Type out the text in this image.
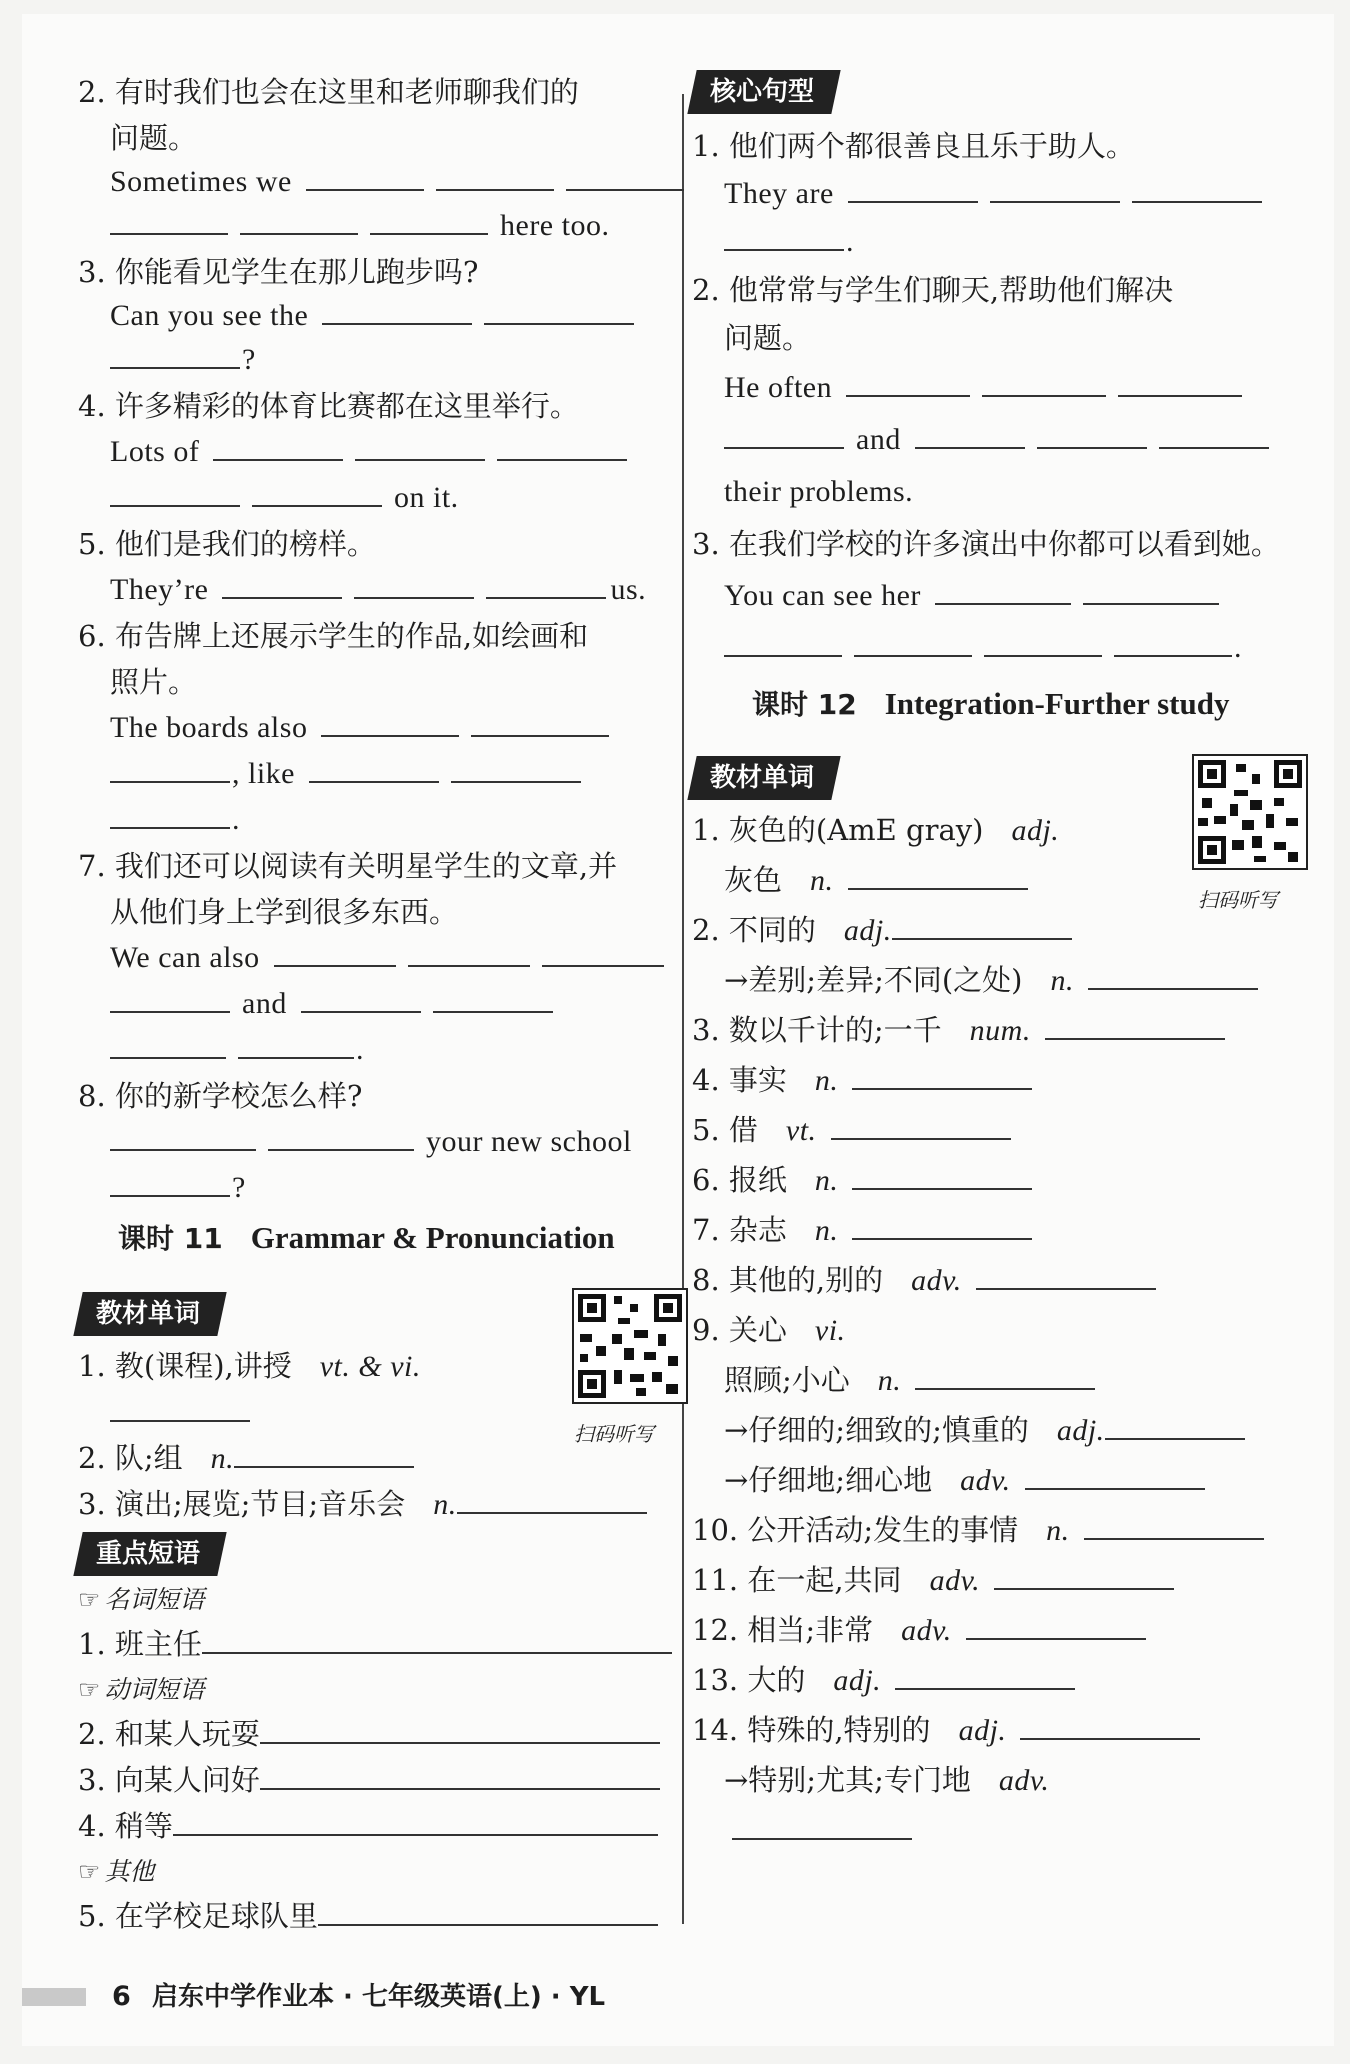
2. 有时我们也会在这里和老师聊我们的
问题。
Sometimes we
here too.
3. 你能看见学生在那儿跑步吗?
Can you see the
?
4. 许多精彩的体育比赛都在这里举行。
Lots of
on it.
5. 他们是我们的榜样。
They’re	us.
6. 布告牌上还展示学生的作品,如绘画和
照片。
The boards also
, like
.
7. 我们还可以阅读有关明星学生的文章,并
从他们身上学到很多东西。
We can also
and
.
8. 你的新学校怎么样?
your new school
?
课时 11 Grammar & Pronunciation
教材单词
扫码听写
1. 教(课程),讲授 vt. & vi.
2. 队;组 n.
3. 演出;展览;节目;音乐会 n.
重点短语
☞ 名词短语
1. 班主任
☞ 动词短语
2. 和某人玩耍
3. 向某人问好
4. 稍等
☞ 其他
5. 在学校足球队里
核心句型
1. 他们两个都很善良且乐于助人。
They are
.
2. 他常常与学生们聊天,帮助他们解决
问题。
He often
and
their problems.
3. 在我们学校的许多演出中你都可以看到她。
You can see her
.
课时 12 Integration-Further study
教材单词
扫码听写
1. 灰色的(AmE gray) adj.
灰色 n.
2. 不同的 adj.
→差别;差异;不同(之处) n.
3. 数以千计的;一千 num.
4. 事实 n.
5. 借 vt.
6. 报纸 n.
7. 杂志 n.
8. 其他的,别的 adv.
9. 关心 vi.
照顾;小心 n.
→仔细的;细致的;慎重的 adj.
→仔细地;细心地 adv.
10. 公开活动;发生的事情 n.
11. 在一起,共同 adv.
12. 相当;非常 adv.
13. 大的 adj.
14. 特殊的,特别的 adj.
→特别;尤其;专门地 adv.
6 启东中学作业本 · 七年级英语(上) · YL
